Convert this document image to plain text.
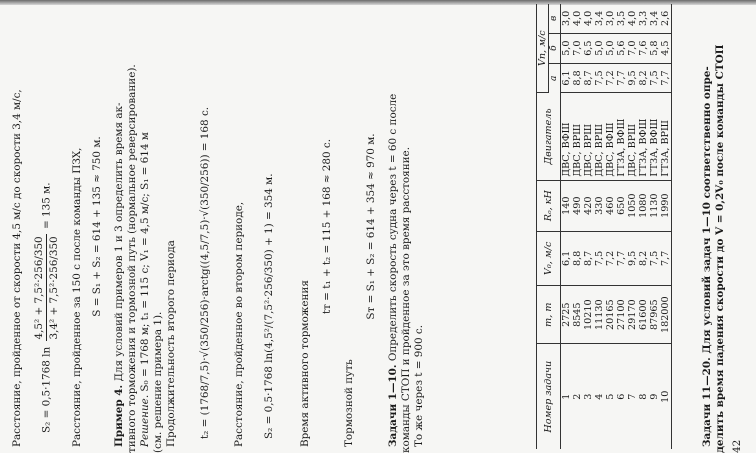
Расстояние, пройденное от скорости 4,5 м/с до скорости 3,4 м/с,	S₂ = 0,5·1768 ln
4,5² + 7,5²·256/350 3,4² + 7,5²·256/350
= 135 м.	Расстояние, пройденное за 150 с после команды ПЗХ, S = S₁ + S₂ = 614 + 135 ≈ 750 м.
Пример 4. Для условий примеров 1 и 3 определить время ак- тивного торможения и тормозной путь (нормальное реверсирование). Решение. S₀ = 1768 м; t₁ = 115 с; V₁ = 4,5 м/с; S₁ = 614 м (см. решение примера 1). Продолжительность второго периода t₂ = (1768/7,5)·√(350/256)·arctg((4,5/7,5)·√(350/256)) = 168 с. Расстояние, пройденное во втором периоде, S₂ = 0,5·1768 ln(4,5²/(7,5²·256/350) + 1) = 354 м. Время активного торможения
tт = t₁ + t₂ = 115 + 168 ≈ 280 с.
Тормозной путь
Sт = S₁ + S₂ = 614 + 354 ≈ 970 м.
Задачи 1—10. Определить скорость судна через t = 60 с после команды СТОП и пройденное за это время расстояние. То же через t = 900 с.	Номер задачи	m, т	V₀, м/с	Rₒ, кН	Двигатель	Vп, м/с		
					а	б	в
1	2725	6,1	140	ДВС, ВФШ	6,1	5,0	3,0
2	8545	8,8	490	ДВС, ВРШ	8,8	7,0	4,0
3	10210	8,7	420	ДВС, ВРШ	8,7	6,5	4,0
4	11130	7,5	330	ДВС, ВРШ	7,5	5,0	3,4
5	20165	7,2	460	ДВС, ВФШ	7,2	5,0	3,0
6	27100	7,7	650	ГТЗА, ВФШ	7,7	5,6	3,5
7	29170	9,5	1050	ДВС, ВРШ	9,5	7,0	4,0
8	61600	8,2	1080	ГТЗА, ВФШ	8,2	7,6	3,3
9	87965	7,5	1130	ГТЗА, ВФШ	7,5	5,8	3,4
10	182000	7,7	1990	ГТЗА, ВРШ	7,7	4,5	2,6
Задачи 11—20. Для условий задач 1—10 соответственно опре- делить время падения скорости до V = 0,2V₀ после команды СТОП 42
